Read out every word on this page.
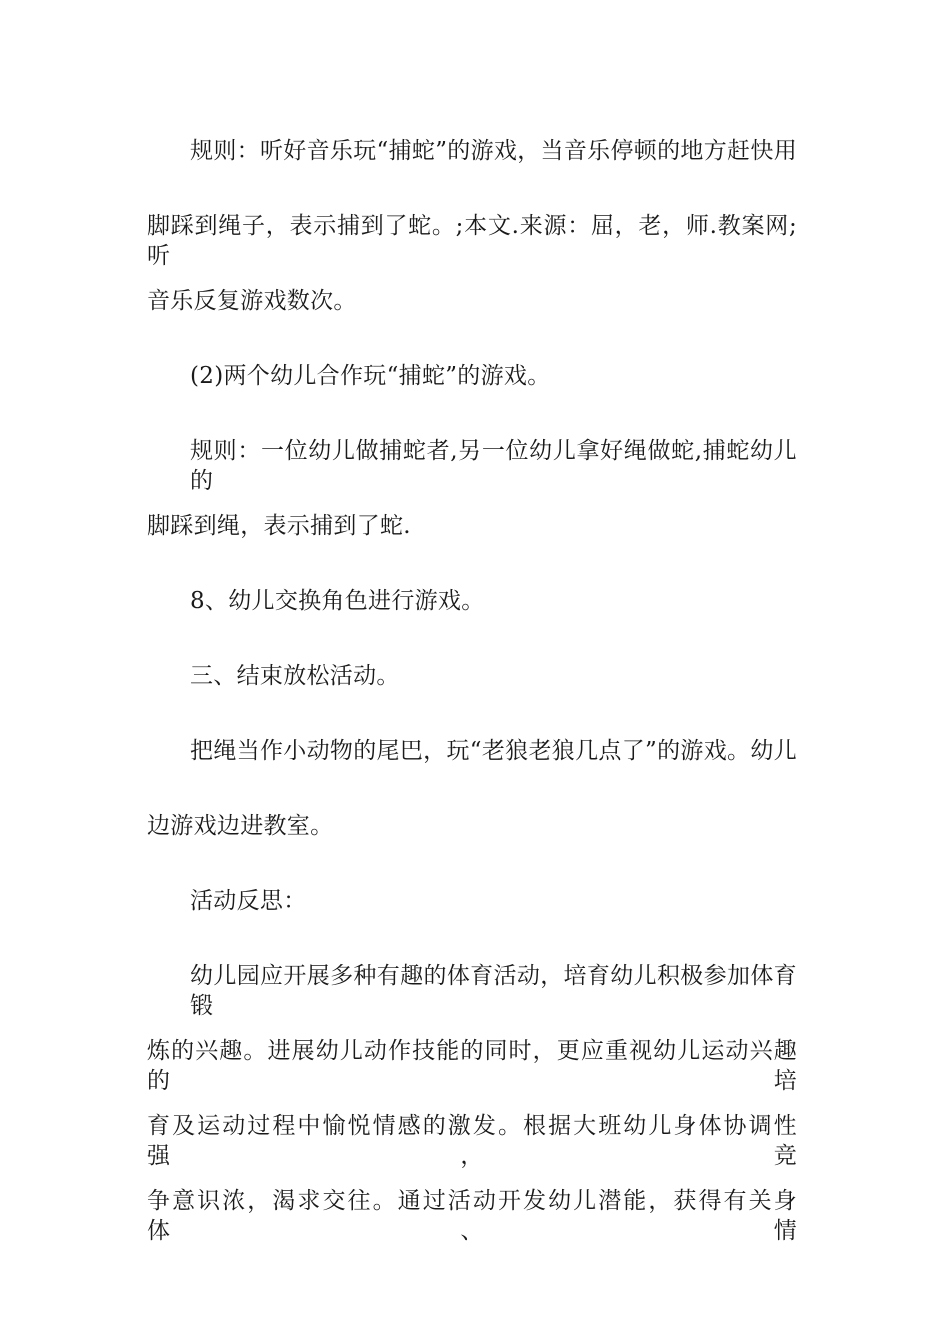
规则：听好音乐玩“捕蛇”的游戏，当音乐停顿的地方赶快用
脚踩到绳子，表示捕到了蛇。;本文.来源：屈，老，师.教案网;听
音乐反复游戏数次。
(2)两个幼儿合作玩“捕蛇”的游戏。
规则：一位幼儿做捕蛇者,另一位幼儿拿好绳做蛇,捕蛇幼儿的
脚踩到绳，表示捕到了蛇.
8、幼儿交换角色进行游戏。
三、结束放松活动。
把绳当作小动物的尾巴，玩“老狼老狼几点了”的游戏。幼儿
边游戏边进教室。
活动反思：
幼儿园应开展多种有趣的体育活动，培育幼儿积极参加体育锻
炼的兴趣。进展幼儿动作技能的同时，更应重视幼儿运动兴趣的培
育及运动过程中愉悦情感的激发。根据大班幼儿身体协调性强，竞
争意识浓，渴求交往。通过活动开发幼儿潜能，获得有关身体、情
